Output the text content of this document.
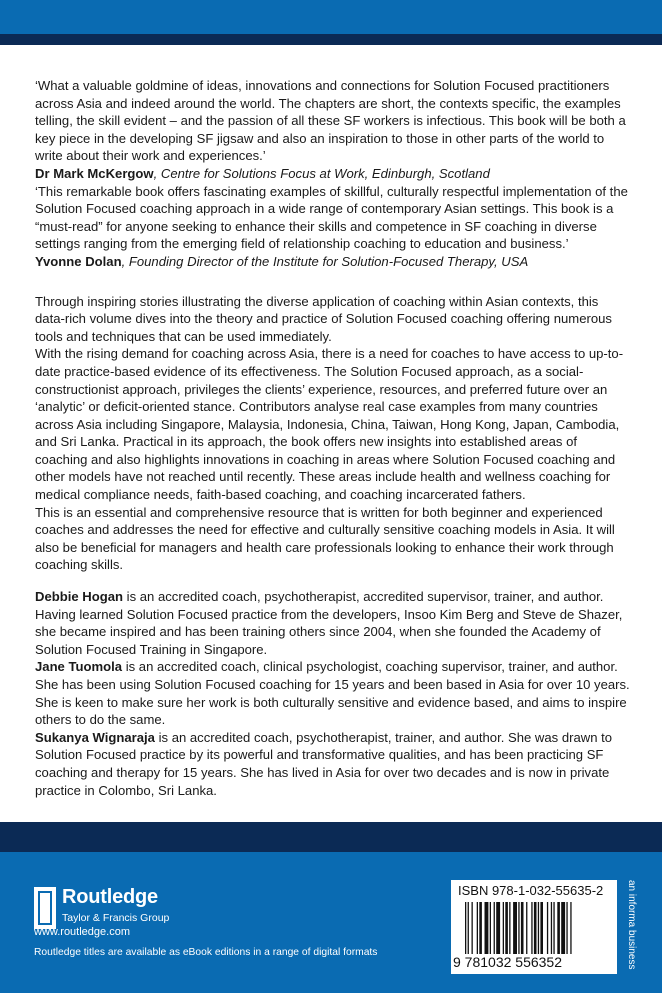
‘What a valuable goldmine of ideas, innovations and connections for Solution Focused practitioners across Asia and indeed around the world. The chapters are short, the contexts specific, the examples telling, the skill evident – and the passion of all these SF workers is infectious. This book will be both a key piece in the developing SF jigsaw and also an inspiration to those in other parts of the world to write about their work and experiences.’
Dr Mark McKergow, Centre for Solutions Focus at Work, Edinburgh, Scotland

‘This remarkable book offers fascinating examples of skillful, culturally respectful implementation of the Solution Focused coaching approach in a wide range of contemporary Asian settings. This book is a “must-read” for anyone seeking to enhance their skills and competence in SF coaching in diverse settings ranging from the emerging field of relationship coaching to education and business.’
Yvonne Dolan, Founding Director of the Institute for Solution-Focused Therapy, USA

Through inspiring stories illustrating the diverse application of coaching within Asian contexts, this data-rich volume dives into the theory and practice of Solution Focused coaching offering numerous tools and techniques that can be used immediately.

With the rising demand for coaching across Asia, there is a need for coaches to have access to up-to-date practice-based evidence of its effectiveness. The Solution Focused approach, as a social-constructionist approach, privileges the clients’ experience, resources, and preferred future over an ‘analytic’ or deficit-oriented stance. Contributors analyse real case examples from many countries across Asia including Singapore, Malaysia, Indonesia, China, Taiwan, Hong Kong, Japan, Cambodia, and Sri Lanka. Practical in its approach, the book offers new insights into established areas of coaching and also highlights innovations in coaching in areas where Solution Focused coaching and other models have not reached until recently. These areas include health and wellness coaching for medical compliance needs, faith-based coaching, and coaching incarcerated fathers.

This is an essential and comprehensive resource that is written for both beginner and experienced coaches and addresses the need for effective and culturally sensitive coaching models in Asia. It will also be beneficial for managers and health care professionals looking to enhance their work through coaching skills.

Debbie Hogan is an accredited coach, psychotherapist, accredited supervisor, trainer, and author. Having learned Solution Focused practice from the developers, Insoo Kim Berg and Steve de Shazer, she became inspired and has been training others since 2004, when she founded the Academy of Solution Focused Training in Singapore.

Jane Tuomola is an accredited coach, clinical psychologist, coaching supervisor, trainer, and author. She has been using Solution Focused coaching for 15 years and been based in Asia for over 10 years. She is keen to make sure her work is both culturally sensitive and evidence based, and aims to inspire others to do the same.

Sukanya Wignaraja is an accredited coach, psychotherapist, trainer, and author. She was drawn to Solution Focused practice by its powerful and transformative qualities, and has been practicing SF coaching and therapy for 15 years. She has lived in Asia for over two decades and is now in private practice in Colombo, Sri Lanka.

Routledge
Taylor & Francis Group
www.routledge.com
Routledge titles are available as eBook editions in a range of digital formats
ISBN 978-1-032-55635-2
9 781032 556352	an informa business
